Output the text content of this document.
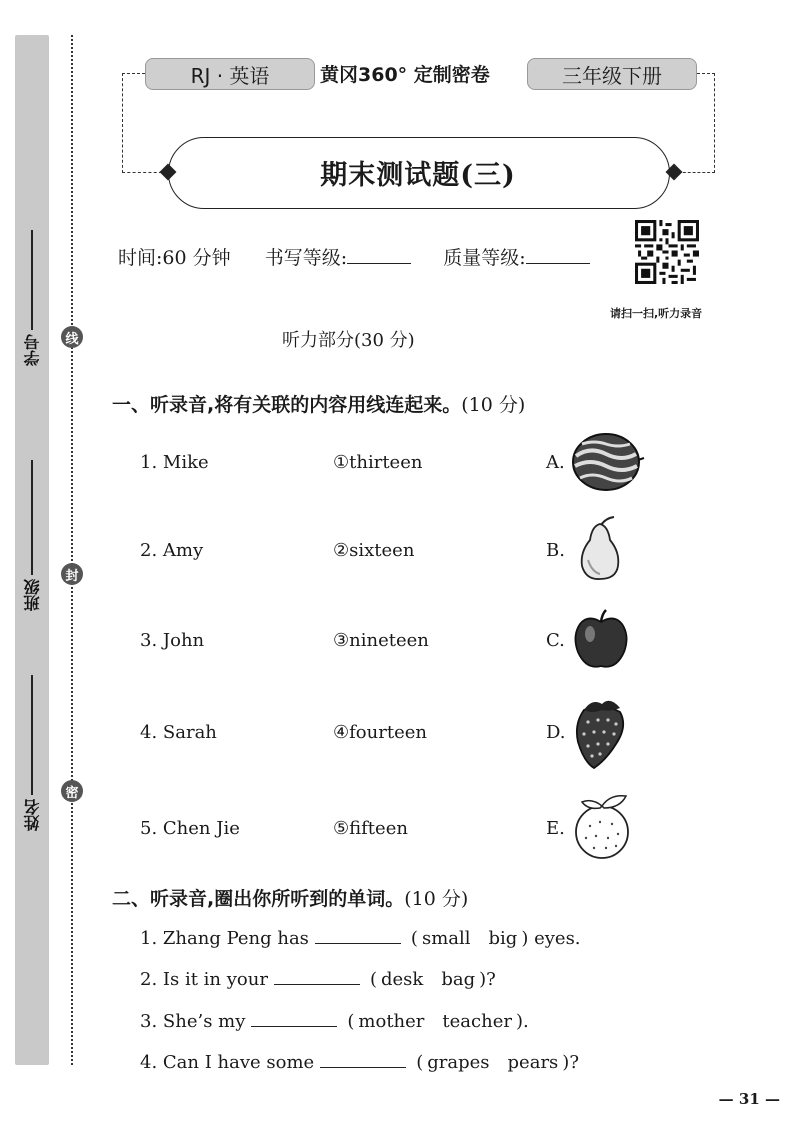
学号
班级
姓名
线
封
密
RJ · 英语	黄冈360° 定制密卷	三年级下册
期末测试题(三)
时间:60 分钟 书写等级:	质量等级:
请扫一扫,听力录音
听力部分(30 分)
一、听录音,将有关联的内容用线连起来。(10 分)
1. Mike	①thirteen	A.
2. Amy	②sixteen	B.
3. John	③nineteen	C.
4. Sarah	④fourteen	D.
5. Chen Jie	⑤fifteen	E.
二、听录音,圈出你所听到的单词。(10 分)
1. Zhang Peng has	( small big ) eyes.
2. Is it in your	( desk bag )?
3. She’s my	( mother teacher ).
4. Can I have some	( grapes pears )?
— 31 —
